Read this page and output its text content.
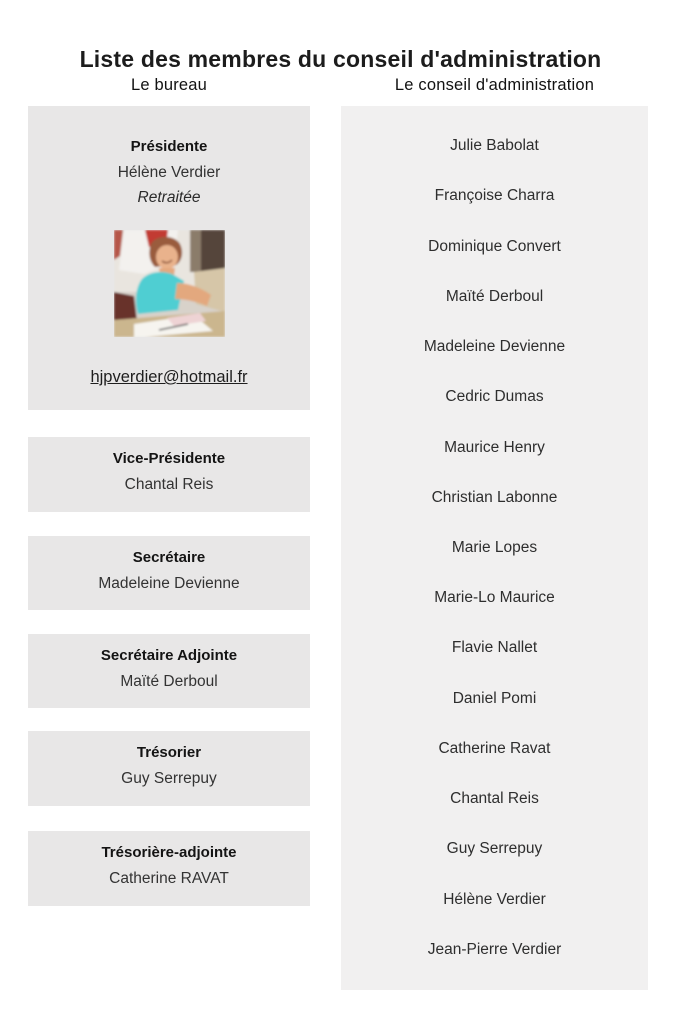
Liste des membres du conseil d'administration
Le bureau	Le conseil d'administration
Présidente
Hélène Verdier
Retraitée
hjpverdier@hotmail.fr
Vice-Présidente
Chantal Reis
Secrétaire
Madeleine Devienne
Secrétaire Adjointe
Maïté Derboul
Trésorier
Guy Serrepuy
Trésorière-adjointe
Catherine RAVAT
Julie Babolat
Françoise Charra
Dominique Convert
Maïté Derboul
Madeleine Devienne
Cedric Dumas
Maurice Henry
Christian Labonne
Marie Lopes
Marie-Lo Maurice
Flavie Nallet
Daniel Pomi
Catherine Ravat
Chantal Reis
Guy Serrepuy
Hélène Verdier
Jean-Pierre Verdier
